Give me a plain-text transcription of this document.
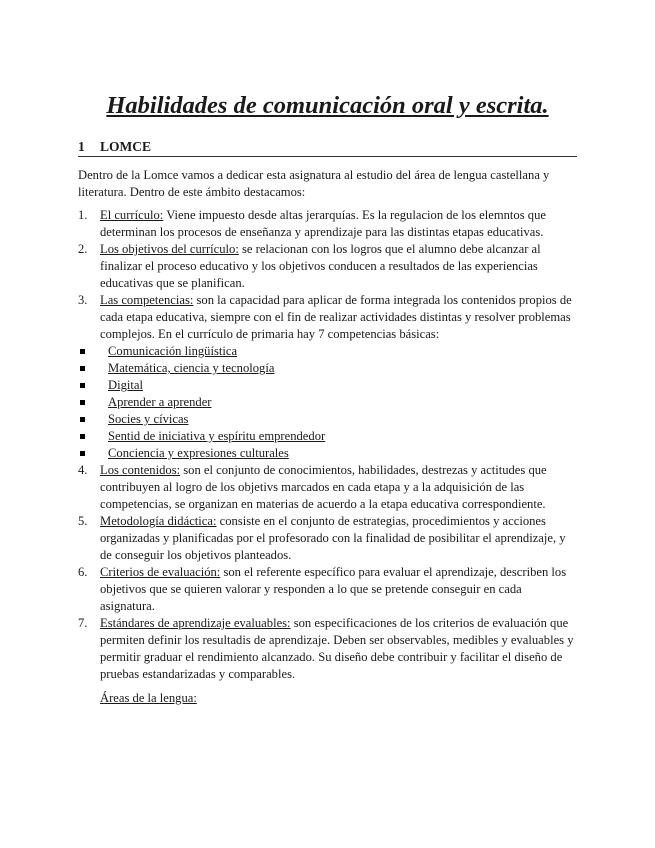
Habilidades de comunicación oral y escrita.
1 LOMCE
Dentro de la Lomce vamos a dedicar esta asignatura al estudio del área de lengua castellana y literatura. Dentro de este ámbito destacamos:
1. El currículo: Viene impuesto desde altas jerarquías. Es la regulacion de los elemntos que determinan los procesos de enseñanza y aprendizaje para las distintas etapas educativas.
2. Los objetivos del currículo: se relacionan con los logros que el alumno debe alcanzar al finalizar el proceso educativo y los objetivos conducen a resultados de las experiencias educativas que se planifican.
3. Las competencias: son la capacidad para aplicar de forma integrada los contenidos propios de cada etapa educativa, siempre con el fin de realizar actividades distintas y resolver problemas complejos. En el currículo de primaria hay 7 competencias básicas:
Comunicación lingüística
Matemática, ciencia y tecnología
Digital
Aprender a aprender
Socies y cívicas
Sentid de iniciativa y espíritu emprendedor
Conciencia y expresiones culturales
4. Los contenidos: son el conjunto de conocimientos, habilidades, destrezas y actitudes que contribuyen al logro de los objetivs marcados en cada etapa y a la adquisición de las competencias, se organizan en materias de acuerdo a la etapa educativa correspondiente.
5. Metodología didáctica: consiste en el conjunto de estrategias, procedimientos y acciones organizadas y planificadas por el profesorado con la finalidad de posibilitar el aprendizaje, y de conseguir los objetivos planteados.
6. Criterios de evaluación: son el referente específico para evaluar el aprendizaje, describen los objetivos que se quieren valorar y responden a lo que se pretende conseguir en cada asignatura.
7. Estándares de aprendizaje evaluables: son especificaciones de los criterios de evaluación que permiten definir los resultadis de aprendizaje. Deben ser observables, medibles y evaluables y permitir graduar el rendimiento alcanzado. Su diseño debe contribuir y facilitar el diseño de pruebas estandarizadas y comparables.
Áreas de la lengua:
